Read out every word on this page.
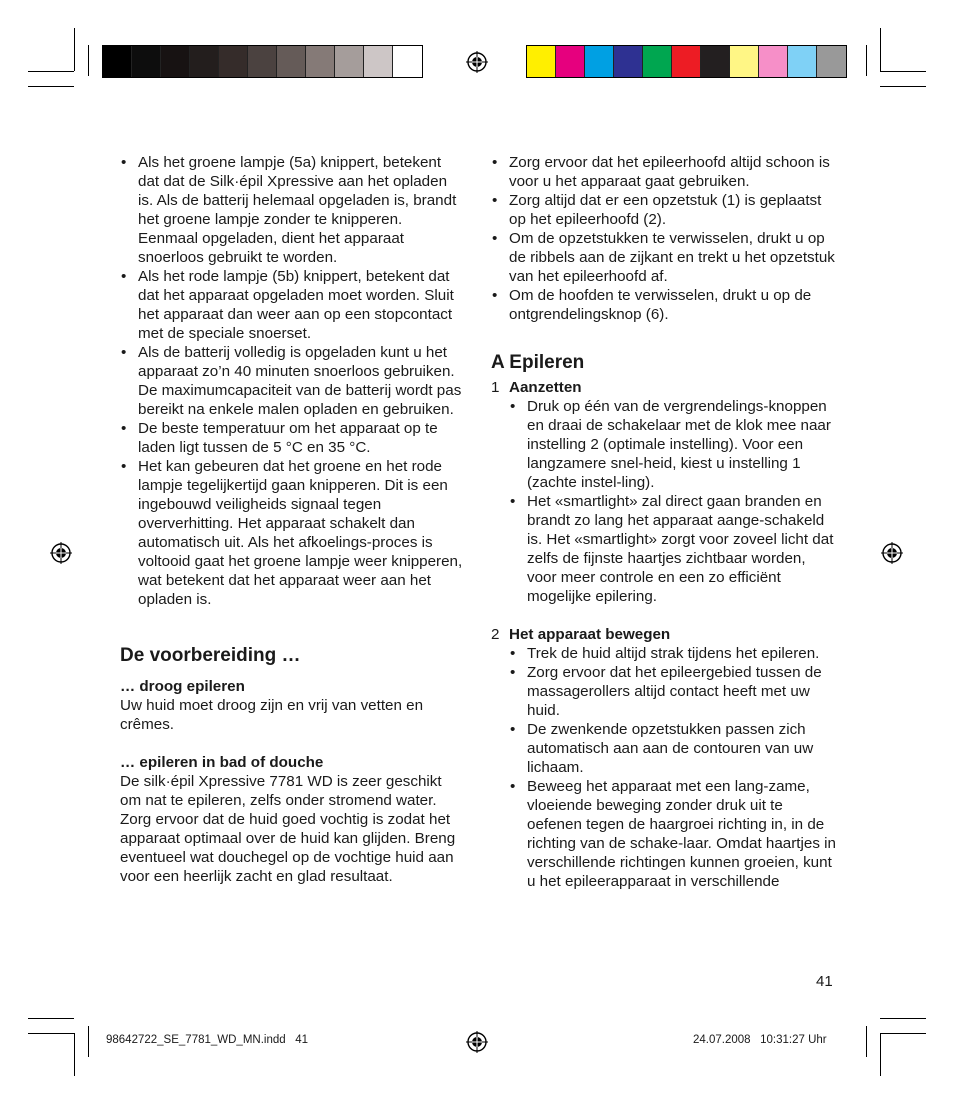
• Als het groene lampje (5a) knippert, betekent dat dat de Silk·épil Xpressive aan het opladen is. Als de batterij helemaal opgeladen is, brandt het groene lampje zonder te knipperen. Eenmaal opgeladen, dient het apparaat snoerloos gebruikt te worden.
• Als het rode lampje (5b) knippert, betekent dat dat het apparaat opgeladen moet worden. Sluit het apparaat dan weer aan op een stopcontact met de speciale snoerset.
• Als de batterij volledig is opgeladen kunt u het apparaat zo’n 40 minuten snoerloos gebruiken. De maximumcapaciteit van de batterij wordt pas bereikt na enkele malen opladen en gebruiken.
• De beste temperatuur om het apparaat op te laden ligt tussen de 5 °C en 35 °C.
• Het kan gebeuren dat het groene en het rode lampje tegelijkertijd gaan knipperen. Dit is een ingebouwd veiligheids signaal tegen oververhitting. Het apparaat schakelt dan automatisch uit. Als het afkoelings-proces is voltooid gaat het groene lampje weer knipperen, wat betekent dat het apparaat weer aan het opladen is.
De voorbereiding …

… droog epileren

Uw huid moet droog zijn en vrij van vetten en crêmes.

… epileren in bad of douche

De silk·épil Xpressive 7781 WD is zeer geschikt om nat te epileren, zelfs onder stromend water. Zorg ervoor dat de huid goed vochtig is zodat het apparaat optimaal over de huid kan glijden. Breng eventueel wat douchegel op de vochtige huid aan voor een heerlijk zacht en glad resultaat.

• Zorg ervoor dat het epileerhoofd altijd schoon is voor u het apparaat gaat gebruiken.
• Zorg altijd dat er een opzetstuk (1) is geplaatst op het epileerhoofd (2).
• Om de opzetstukken te verwisselen, drukt u op de ribbels aan de zijkant en trekt u het opzetstuk van het epileerhoofd af.
• Om de hoofden te verwisselen, drukt u op de ontgrendelingsknop (6).
A Epileren
1 Aanzetten
• Druk op één van de vergrendelings-knoppen en draai de schakelaar met de klok mee naar instelling 2 (optimale instelling). Voor een langzamere snel-heid, kiest u instelling 1 (zachte instel-ling).
• Het «smartlight» zal direct gaan branden en brandt zo lang het apparaat aange-schakeld is. Het «smartlight» zorgt voor zoveel licht dat zelfs de fijnste haartjes zichtbaar worden, voor meer controle en een zo efficiënt mogelijke epilering.
2 Het apparaat bewegen
• Trek de huid altijd strak tijdens het epileren.
• Zorg ervoor dat het epileergebied tussen de massagerollers altijd contact heeft met uw huid.
• De zwenkende opzetstukken passen zich automatisch aan aan de contouren van uw lichaam.
• Beweeg het apparaat met een lang-zame, vloeiende beweging zonder druk uit te oefenen tegen de haargroei richting in, in de richting van de schake-laar. Omdat haartjes in verschillende richtingen kunnen groeien, kunt u het epileerapparaat in verschillende
41
98642722_SE_7781_WD_MN.indd   41	24.07.2008   10:31:27 Uhr
